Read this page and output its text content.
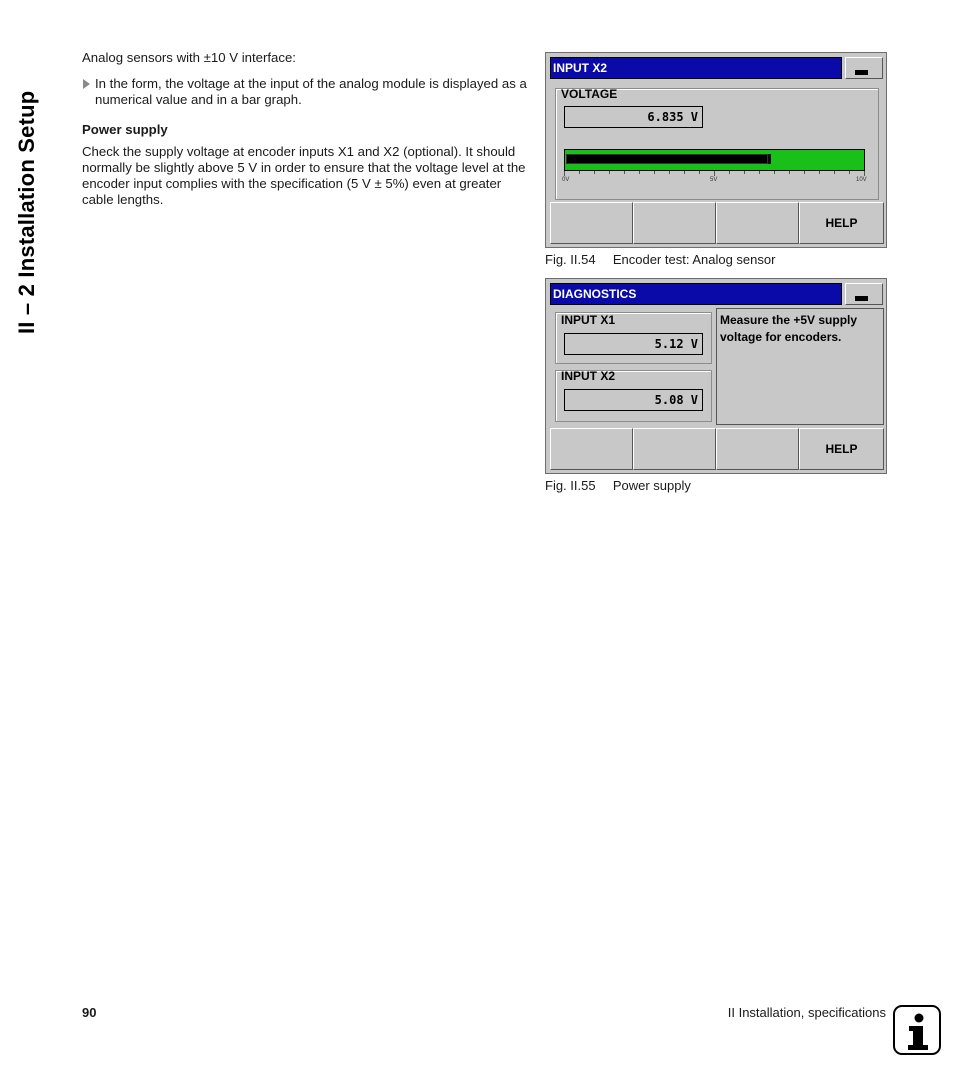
II – 2 Installation Setup

Analog sensors with ±10 V interface:

In the form, the voltage at the input of the analog module is displayed as a numerical value and in a bar graph.

Power supply

Check the supply voltage at encoder inputs X1 and X2 (optional). It should normally be slightly above 5 V in order to ensure that the voltage level at the encoder input complies with the specification (5 V ± 5%) even at greater cable lengths.

INPUT X2
VOLTAGE
6.835 V
0V	5V	10V
HELP
Fig. II.54 Encoder test: Analog sensor
DIAGNOSTICS
INPUT X1
5.12 V
INPUT X2
5.08 V
Measure the +5V supply voltage for encoders.
HELP
Fig. II.55 Power supply
90	II Installation, specifications
